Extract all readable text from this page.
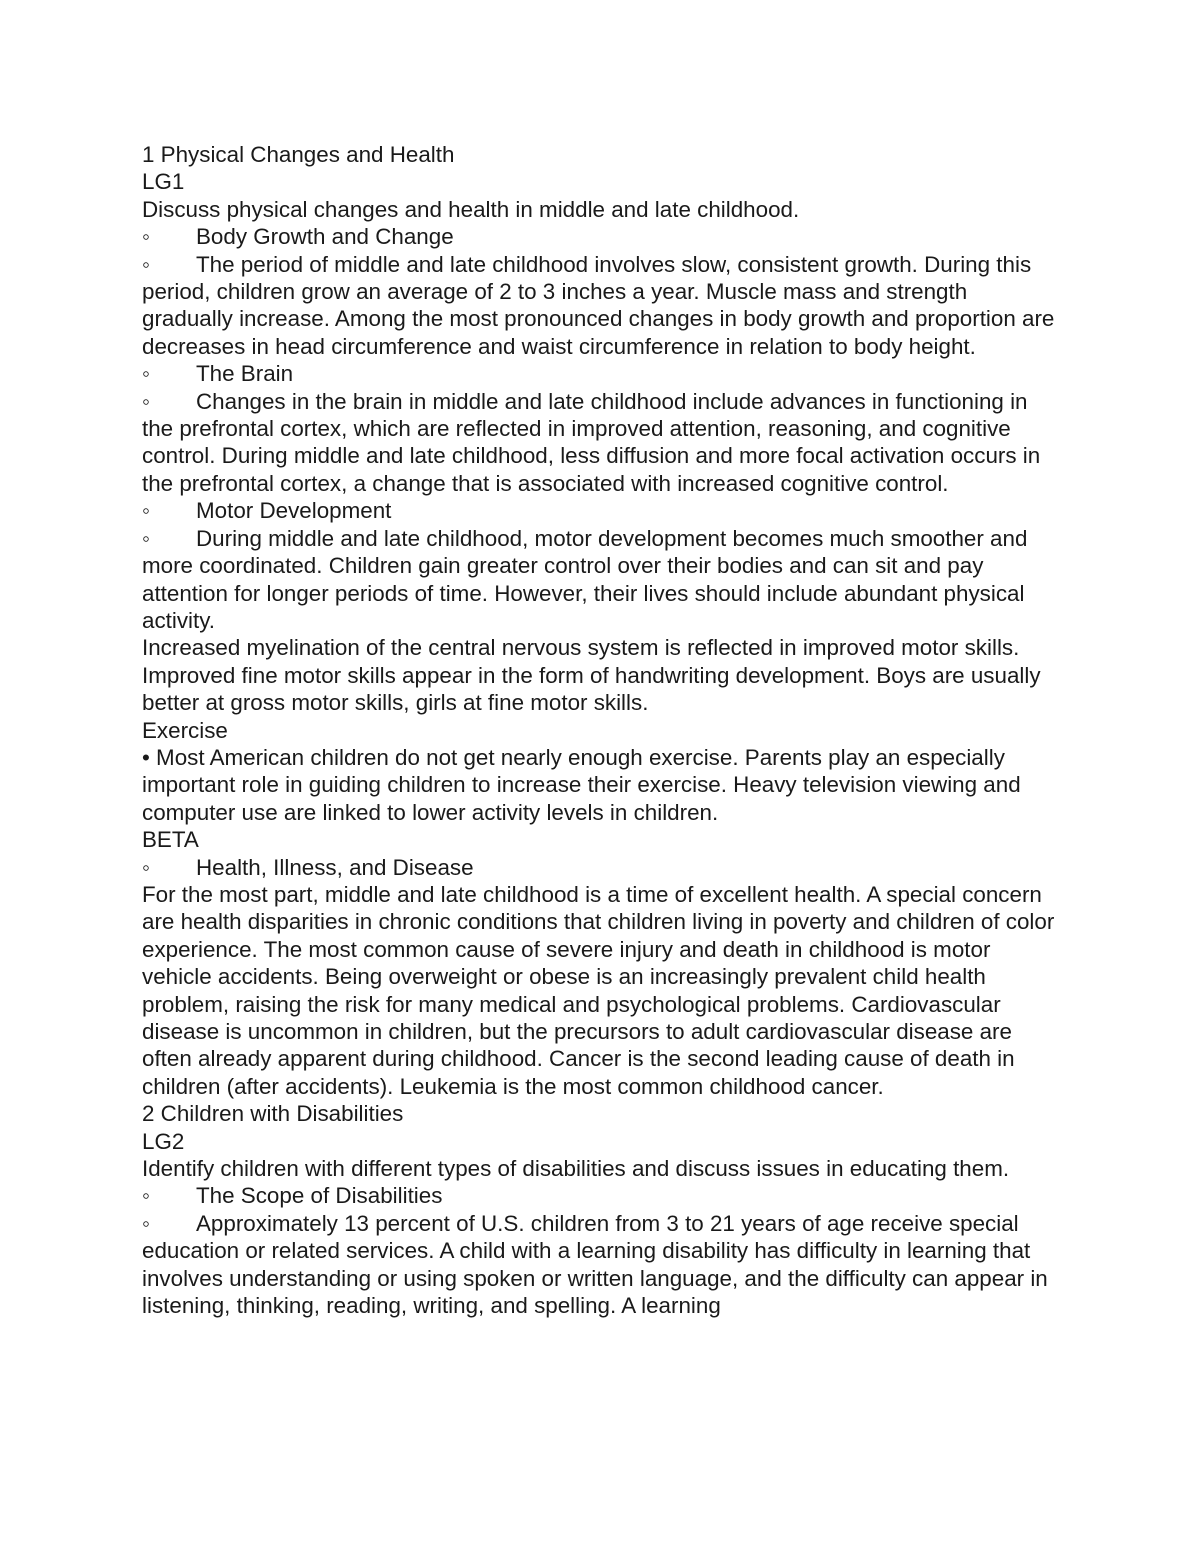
1 Physical Changes and Health

LG1

Discuss physical changes and health in middle and late childhood.

◦ Body Growth and Change

◦ The period of middle and late childhood involves slow, consistent growth. During this period, children grow an average of 2 to 3 inches a year. Muscle mass and strength gradually increase. Among the most pronounced changes in body growth and proportion are decreases in head circumference and waist circumference in relation to body height.

◦ The Brain

◦ Changes in the brain in middle and late childhood include advances in functioning in the prefrontal cortex, which are reflected in improved attention, reasoning, and cognitive control. During middle and late childhood, less diffusion and more focal activation occurs in the prefrontal cortex, a change that is associated with increased cognitive control.

◦ Motor Development

◦ During middle and late childhood, motor development becomes much smoother and more coordinated. Children gain greater control over their bodies and can sit and pay attention for longer periods of time. However, their lives should include abundant physical activity.

Increased myelination of the central nervous system is reflected in improved motor skills. Improved fine motor skills appear in the form of handwriting development. Boys are usually better at gross motor skills, girls at fine motor skills.

Exercise

• Most American children do not get nearly enough exercise. Parents play an especially important role in guiding children to increase their exercise. Heavy television viewing and computer use are linked to lower activity levels in children.

BETA

◦ Health, Illness, and Disease

For the most part, middle and late childhood is a time of excellent health. A special concern are health disparities in chronic conditions that children living in poverty and children of color experience. The most common cause of severe injury and death in childhood is motor vehicle accidents. Being overweight or obese is an increasingly prevalent child health problem, raising the risk for many medical and psychological problems. Cardiovascular disease is uncommon in children, but the precursors to adult cardiovascular disease are often already apparent during childhood. Cancer is the second leading cause of death in children (after accidents). Leukemia is the most common childhood cancer.

2 Children with Disabilities

LG2

Identify children with different types of disabilities and discuss issues in educating them.

◦ The Scope of Disabilities

◦ Approximately 13 percent of U.S. children from 3 to 21 years of age receive special education or related services. A child with a learning disability has difficulty in learning that involves understanding or using spoken or written language, and the difficulty can appear in listening, thinking, reading, writing, and spelling. A learning
